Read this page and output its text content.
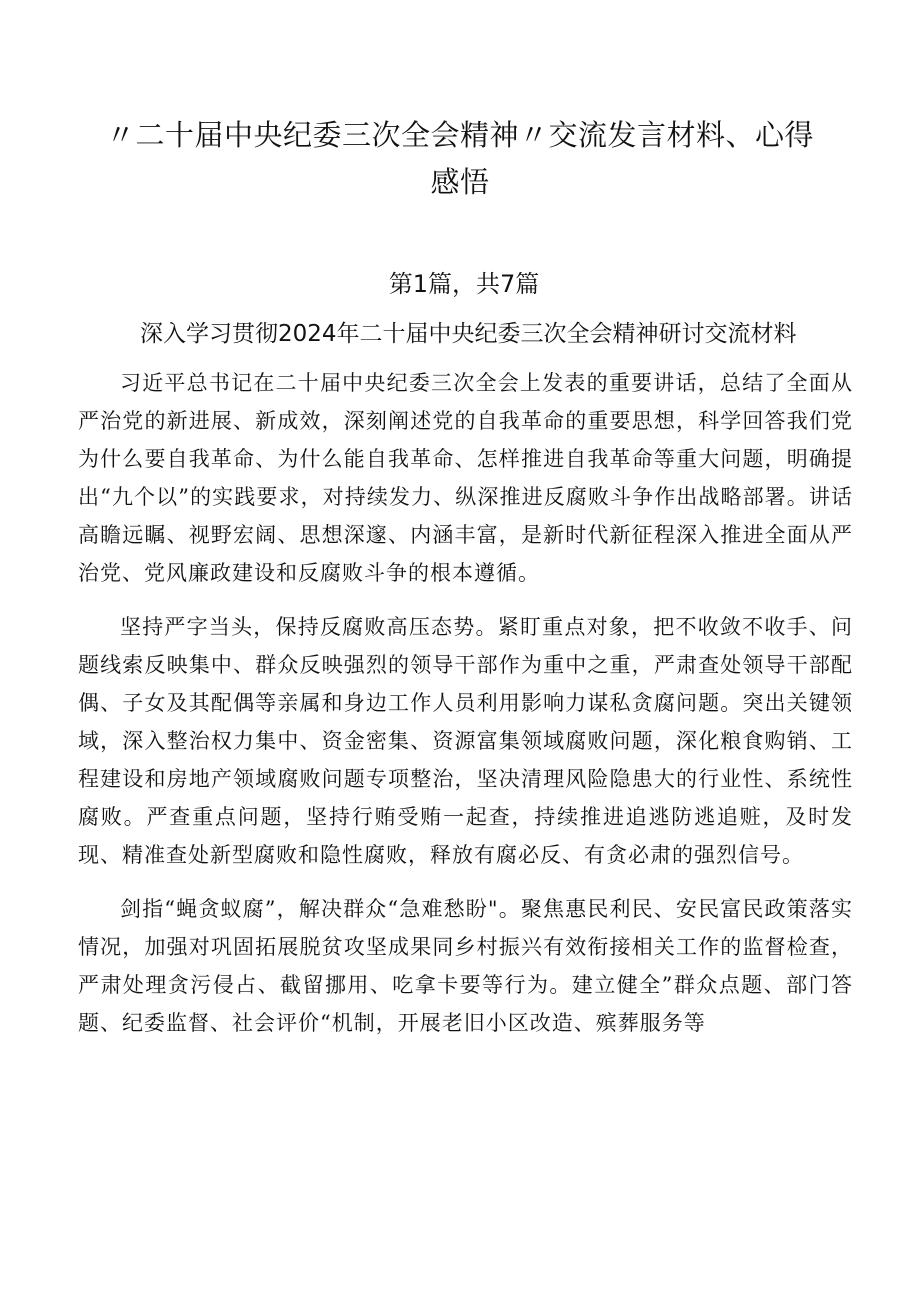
〃二十届中央纪委三次全会精神〃交流发言材料、心得
感悟
第1篇，共7篇
深入学习贯彻2024年二十届中央纪委三次全会精神研讨交流材料

习近平总书记在二十届中央纪委三次全会上发表的重要讲话，总结了全面从严治党的新进展、新成效，深刻阐述党的自我革命的重要思想，科学回答我们党为什么要自我革命、为什么能自我革命、怎样推进自我革命等重大问题，明确提出“九个以”的实践要求，对持续发力、纵深推进反腐败斗争作出战略部署。讲话高瞻远瞩、视野宏阔、思想深邃、内涵丰富，是新时代新征程深入推进全面从严治党、党风廉政建设和反腐败斗争的根本遵循。

坚持严字当头，保持反腐败高压态势。紧盯重点对象，把不收敛不收手、问题线索反映集中、群众反映强烈的领导干部作为重中之重，严肃查处领导干部配偶、子女及其配偶等亲属和身边工作人员利用影响力谋私贪腐问题。突出关键领域，深入整治权力集中、资金密集、资源富集领域腐败问题，深化粮食购销、工程建设和房地产领域腐败问题专项整治，坚决清理风险隐患大的行业性、系统性腐败。严查重点问题，坚持行贿受贿一起查，持续推进追逃防逃追赃，及时发现、精准查处新型腐败和隐性腐败，释放有腐必反、有贪必肃的强烈信号。

剑指“蝇贪蚁腐”，解决群众“急难愁盼"。聚焦惠民利民、安民富民政策落实情况，加强对巩固拓展脱贫攻坚成果同乡村振兴有效衔接相关工作的监督检查，严肃处理贪污侵占、截留挪用、吃拿卡要等行为。建立健全”群众点题、部门答题、纪委监督、社会评价“机制，开展老旧小区改造、殡葬服务等
